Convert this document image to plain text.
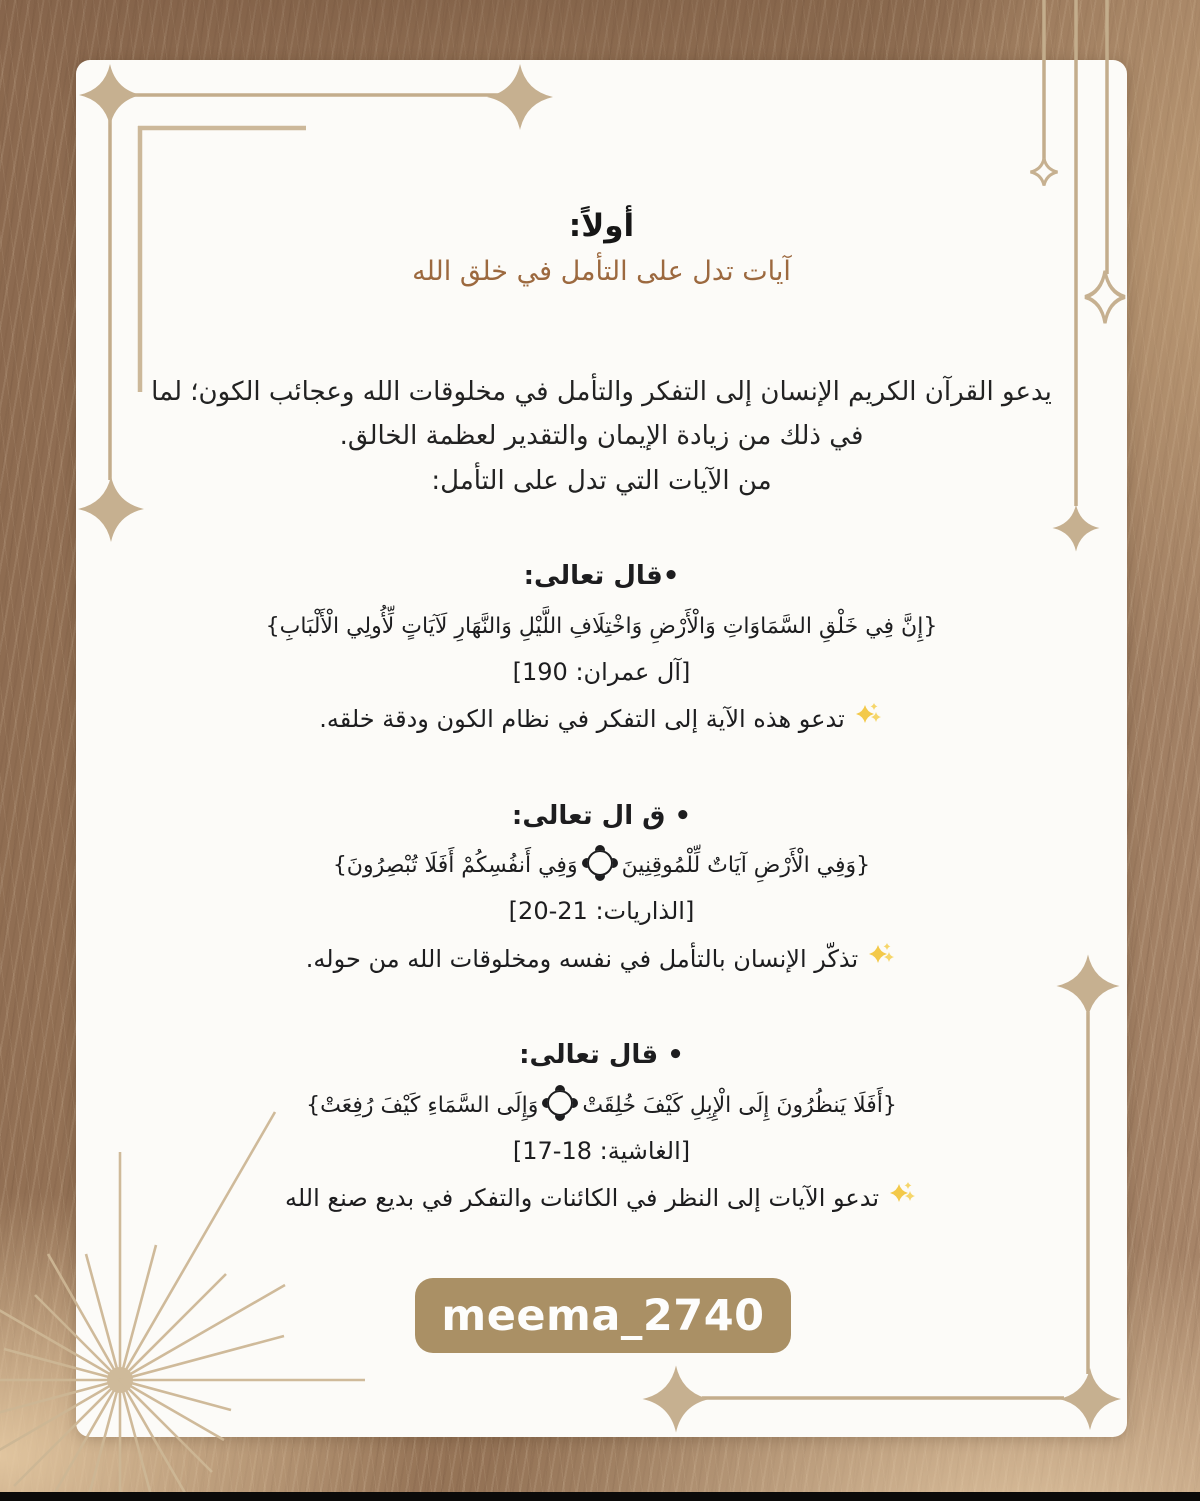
أولاً:
آيات تدل على التأمل في خلق الله
يدعو القرآن الكريم الإنسان إلى التفكر والتأمل في مخلوقات الله وعجائب الكون؛ لما في ذلك من زيادة الإيمان والتقدير لعظمة الخالق.
من الآيات التي تدل على التأمل:
•قال تعالى:
{إِنَّ فِي خَلْقِ السَّمَاوَاتِ وَالْأَرْضِ وَاخْتِلَافِ اللَّيْلِ وَالنَّهَارِ لَآيَاتٍ لِّأُولِي الْأَلْبَابِ}
[آل عمران: 190]
تدعو هذه الآية إلى التفكر في نظام الكون ودقة خلقه.
• ق ال تعالى:
{وَفِي الْأَرْضِ آيَاتٌ لِّلْمُوقِنِينَوَفِي أَنفُسِكُمْ أَفَلَا تُبْصِرُونَ}
[الذاريات: 21-20]
تذكّر الإنسان بالتأمل في نفسه ومخلوقات الله من حوله.
• قال تعالى:
{أَفَلَا يَنظُرُونَ إِلَى الْإِبِلِ كَيْفَ خُلِقَتْوَإِلَى السَّمَاءِ كَيْفَ رُفِعَتْ}
[الغاشية: 18-17]
تدعو الآيات إلى النظر في الكائنات والتفكر في بديع صنع الله
meema_2740
